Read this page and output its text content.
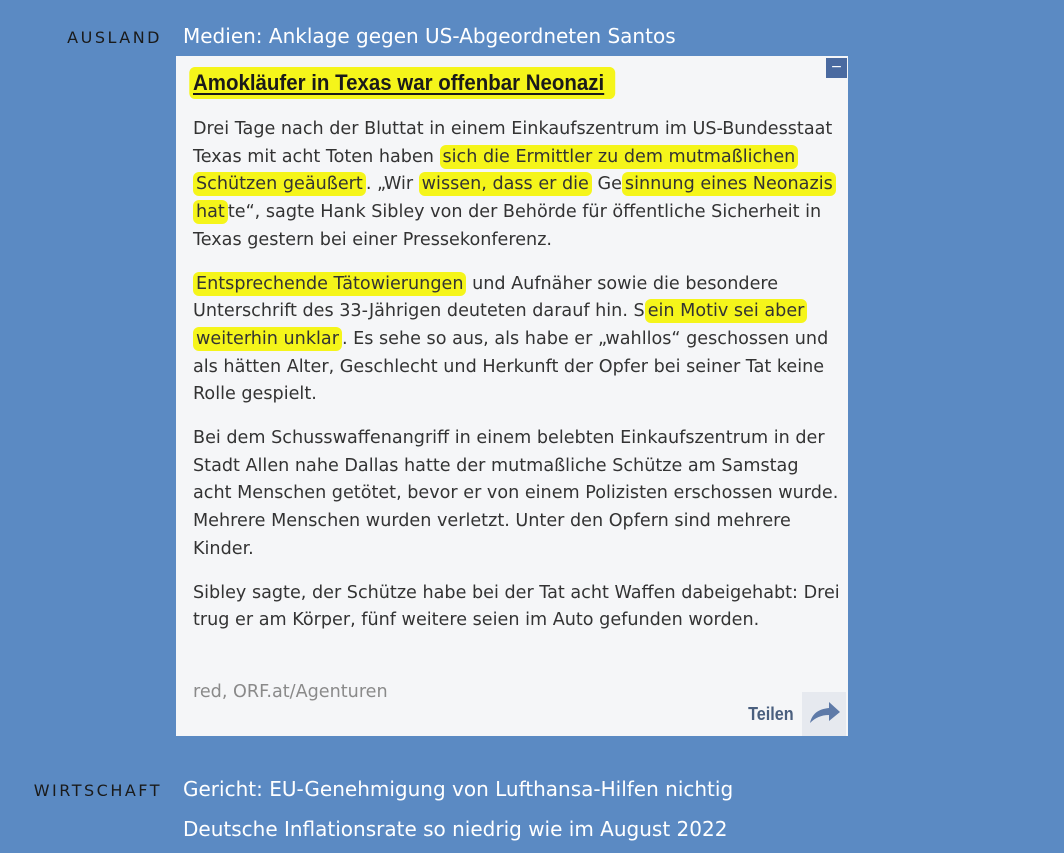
AUSLAND Medien: Anklage gegen US-Abgeordneten Santos
−
Amokläufer in Texas war offenbar Neonazi

Drei Tage nach der Bluttat in einem Einkaufszentrum im US-Bundesstaat Texas mit acht Toten haben sich die Ermittler zu dem mutmaßlichen Schützen geäußert . „Wir wissen, dass er die Ge sinnung eines Neonazis hat te“, sagte Hank Sibley von der Behörde für öffentliche Sicherheit in Texas gestern bei einer Pressekonferenz.

Entsprechende Tätowierungen und Aufnäher sowie die besondere Unterschrift des 33-Jährigen deuteten darauf hin. S ein Motiv sei aber weiterhin unklar . Es sehe so aus, als habe er „wahllos“ geschossen und als hätten Alter, Geschlecht und Herkunft der Opfer bei seiner Tat keine Rolle gespielt.

Bei dem Schusswaffenangriff in einem belebten Einkaufszentrum in der Stadt Allen nahe Dallas hatte der mutmaßliche Schütze am Samstag acht Menschen getötet, bevor er von einem Polizisten erschossen wurde. Mehrere Menschen wurden verletzt. Unter den Opfern sind mehrere Kinder.

Sibley sagte, der Schütze habe bei der Tat acht Waffen dabeigehabt: Drei trug er am Körper, fünf weitere seien im Auto gefunden worden.

red, ORF.at/Agenturen
Teilen
WIRTSCHAFT Gericht: EU-Genehmigung von Lufthansa-Hilfen nichtig
Deutsche Inflationsrate so niedrig wie im August 2022
